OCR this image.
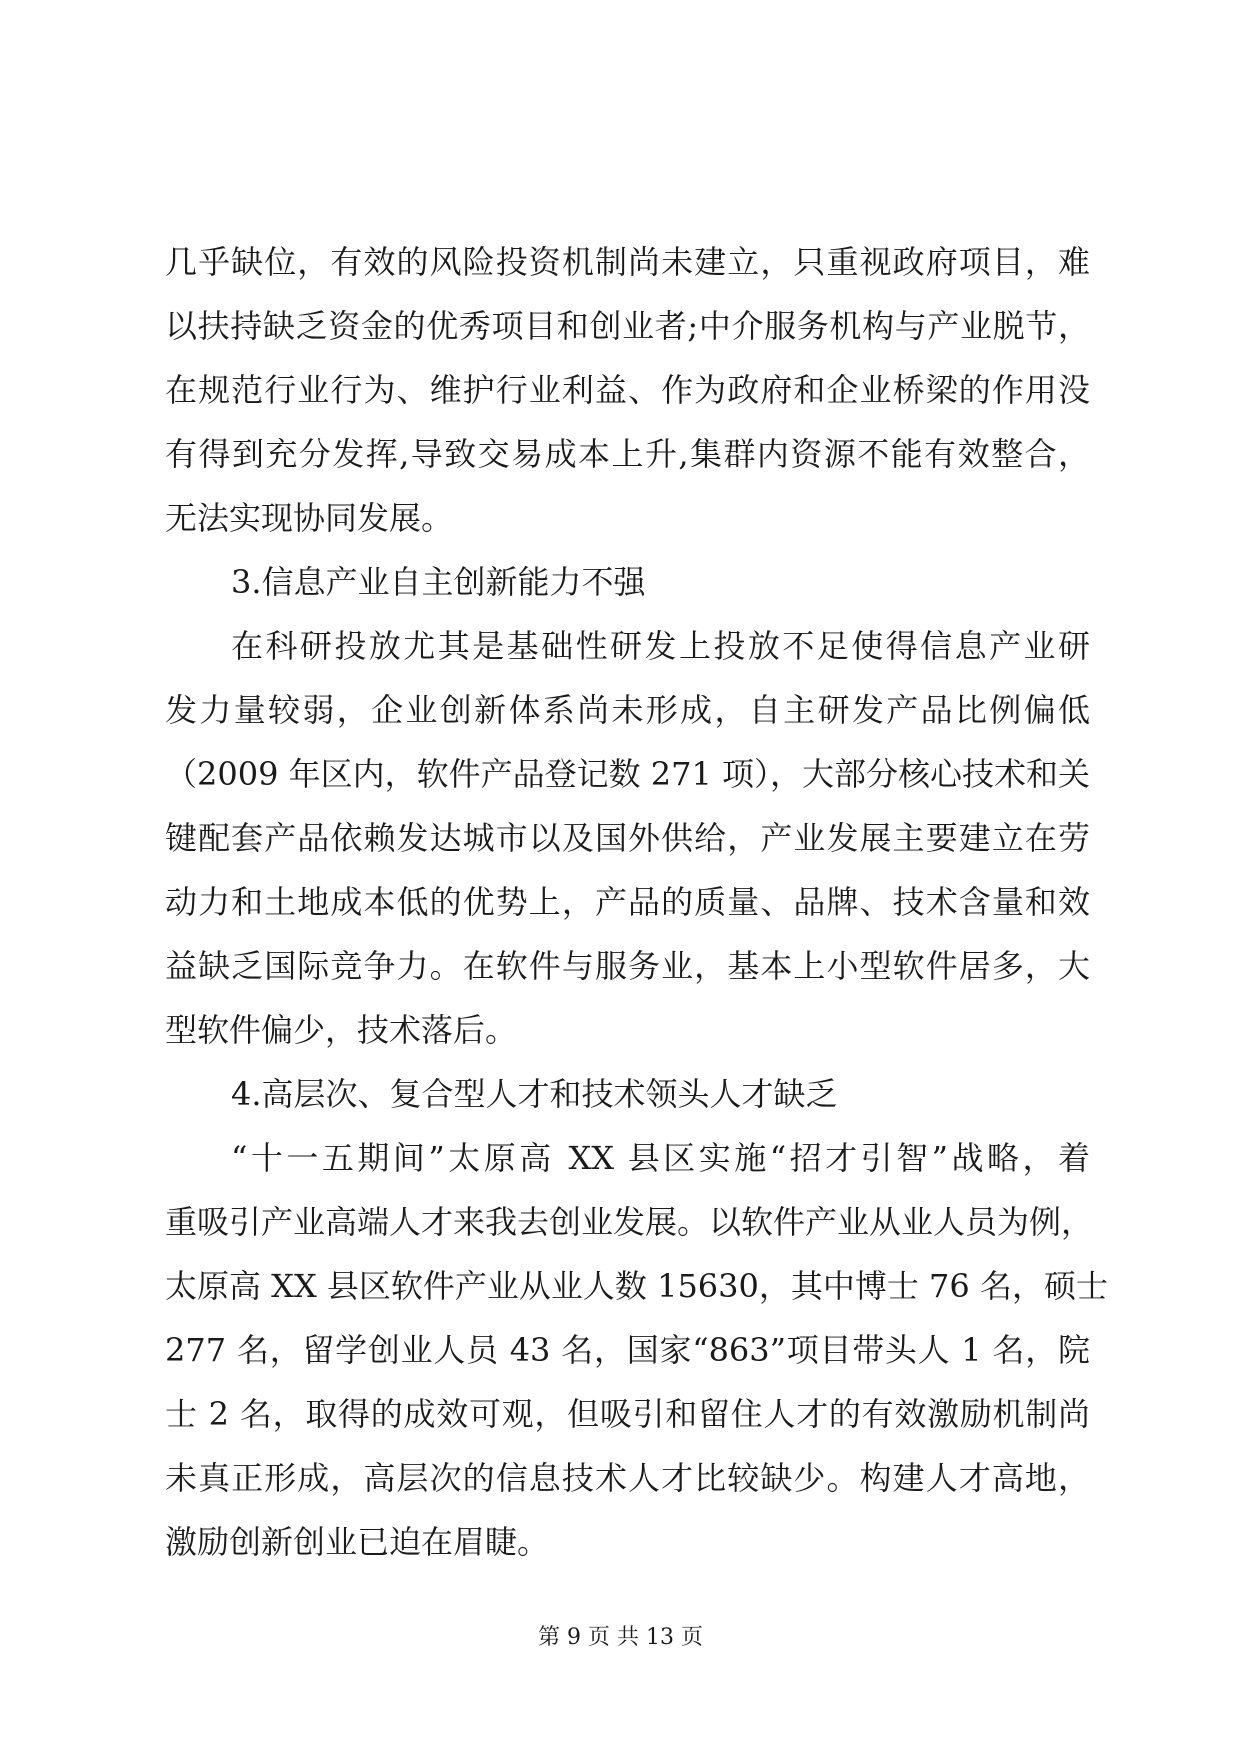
几乎缺位，有效的风险投资机制尚未建立，只重视政府项目，难
以扶持缺乏资金的优秀项目和创业者;中介服务机构与产业脱节，
在规范行业行为、维护行业利益、作为政府和企业桥梁的作用没
有得到充分发挥,导致交易成本上升,集群内资源不能有效整合，
无法实现协同发展。
3.信息产业自主创新能力不强
在科研投放尤其是基础性研发上投放不足使得信息产业研
发力量较弱，企业创新体系尚未形成，自主研发产品比例偏低
（2009 年区内，软件产品登记数 271 项），大部分核心技术和关
键配套产品依赖发达城市以及国外供给，产业发展主要建立在劳
动力和土地成本低的优势上，产品的质量、品牌、技术含量和效
益缺乏国际竞争力。在软件与服务业，基本上小型软件居多，大
型软件偏少，技术落后。
4.高层次、复合型人才和技术领头人才缺乏
“十一五期间”太原高 XX 县区实施“招才引智”战略，着
重吸引产业高端人才来我去创业发展。以软件产业从业人员为例，
太原高 XX 县区软件产业从业人数 15630，其中博士 76 名，硕士
277 名，留学创业人员 43 名，国家“863”项目带头人 1 名，院
士 2 名，取得的成效可观，但吸引和留住人才的有效激励机制尚
未真正形成，高层次的信息技术人才比较缺少。构建人才高地，
激励创新创业已迫在眉睫。
第 9 页 共 13 页
